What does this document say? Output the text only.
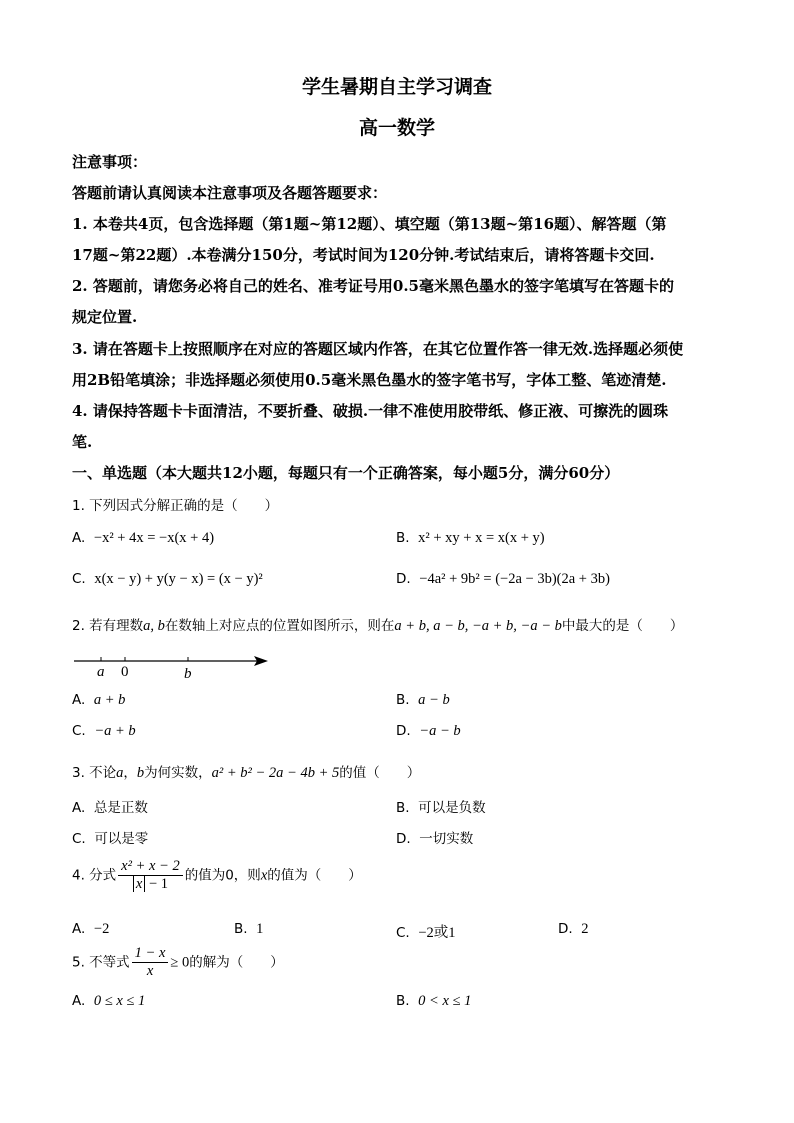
学生暑期自主学习调查
高一数学
注意事项：
答题前请认真阅读本注意事项及各题答题要求：
1. 本卷共4页，包含选择题（第1题~第12题）、填空题（第13题~第16题）、解答题（第
17题~第22题）.本卷满分150分，考试时间为120分钟.考试结束后，请将答题卡交回.
2. 答题前，请您务必将自己的姓名、准考证号用0.5毫米黑色墨水的签字笔填写在答题卡的
规定位置.
3. 请在答题卡上按照顺序在对应的答题区域内作答，在其它位置作答一律无效.选择题必须使
用2B铅笔填涂；非选择题必须使用0.5毫米黑色墨水的签字笔书写，字体工整、笔迹清楚.
4. 请保持答题卡卡面清洁，不要折叠、破损.一律不准使用胶带纸、修正液、可擦洗的圆珠
笔.
一、单选题（本大题共12小题，每题只有一个正确答案，每小题5分，满分60分）
1. 下列因式分解正确的是（　　）
A. −x² + 4x = −x(x + 4)	B. x² + xy + x = x(x + y)
C. x(x − y) + y(y − x) = (x − y)²	D. −4a² + 9b² = (−2a − 3b)(2a + 3b)
2. 若有理数a, b在数轴上对应点的位置如图所示，则在a + b, a − b, −a + b, −a − b中最大的是（　　）
a 0	b
A. a + b	B. a − b
C. −a + b	D. −a − b
3. 不论a，b为何实数，a² + b² − 2a − 4b + 5的值（　　）
A. 总是正数	B. 可以是负数
C. 可以是零	D. 一切实数
4. 分式 $\frac{\text{x² + x − 2}}{x - 1}$ 的值为0，则x的值为（　　）
A. −2	B. 1	C. −2或1	D. 2
5. 不等式 $\frac{1 - x}{x} \ge 0$的解为（　　）
A. 0 ≤ x ≤ 1	B. 0 < x ≤ 1
